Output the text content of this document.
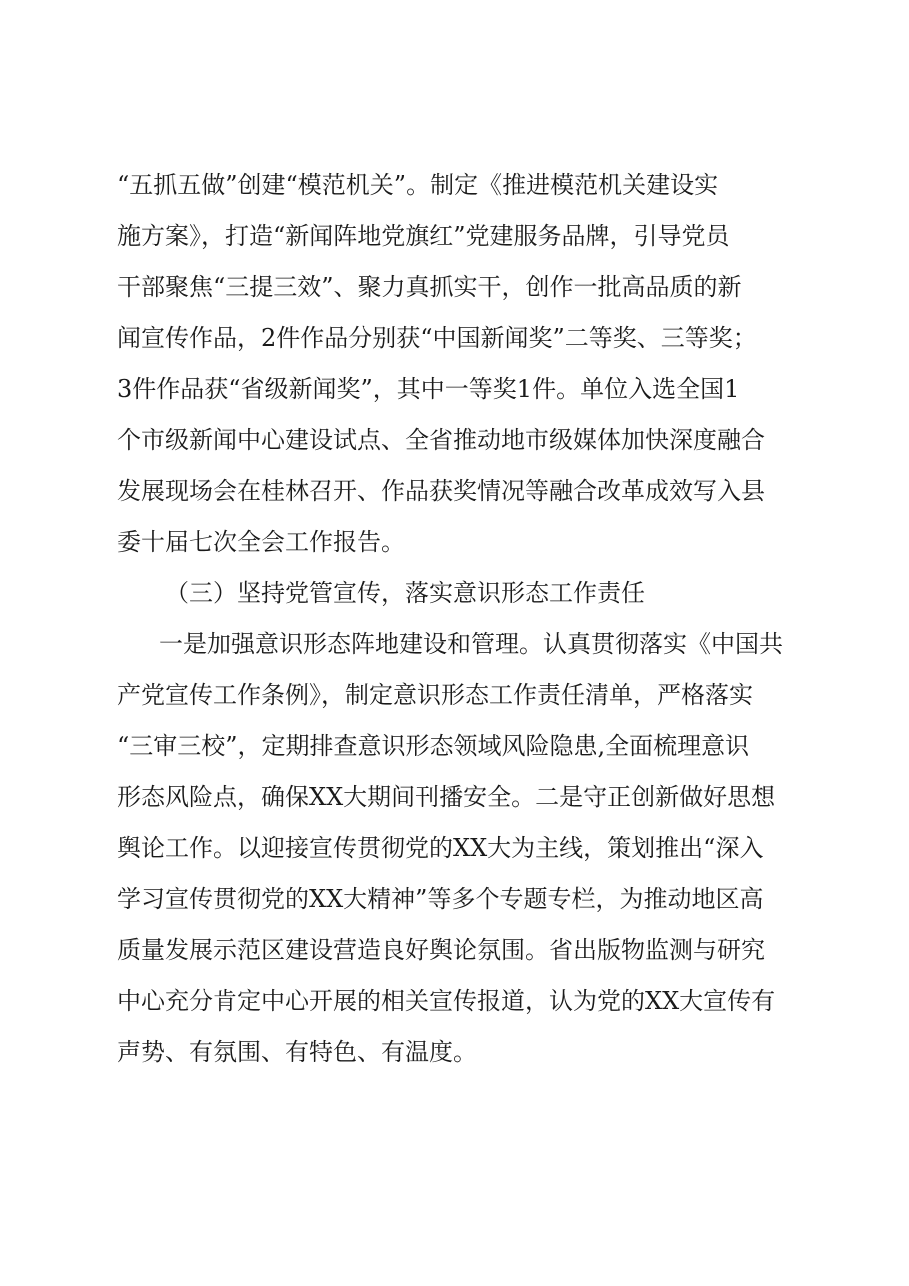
“五抓五做”创建“模范机关”。制定《推进模范机关建设实
施方案》，打造“新闻阵地党旗红”党建服务品牌，引导党员
干部聚焦“三提三效”、聚力真抓实干，创作一批高品质的新
闻宣传作品，2件作品分别获“中国新闻奖”二等奖、三等奖；
3件作品获“省级新闻奖”，其中一等奖1件。单位入选全国1
个市级新闻中心建设试点、全省推动地市级媒体加快深度融合
发展现场会在桂林召开、作品获奖情况等融合改革成效写入县
委十届七次全会工作报告。
（三）坚持党管宣传，落实意识形态工作责任
一是加强意识形态阵地建设和管理。认真贯彻落实《中国共
产党宣传工作条例》，制定意识形态工作责任清单，严格落实
“三审三校”，定期排查意识形态领域风险隐患,全面梳理意识
形态风险点，确保XX大期间刊播安全。二是守正创新做好思想
舆论工作。以迎接宣传贯彻党的XX大为主线，策划推出“深入
学习宣传贯彻党的XX大精神”等多个专题专栏，为推动地区高
质量发展示范区建设营造良好舆论氛围。省出版物监测与研究
中心充分肯定中心开展的相关宣传报道，认为党的XX大宣传有
声势、有氛围、有特色、有温度。
